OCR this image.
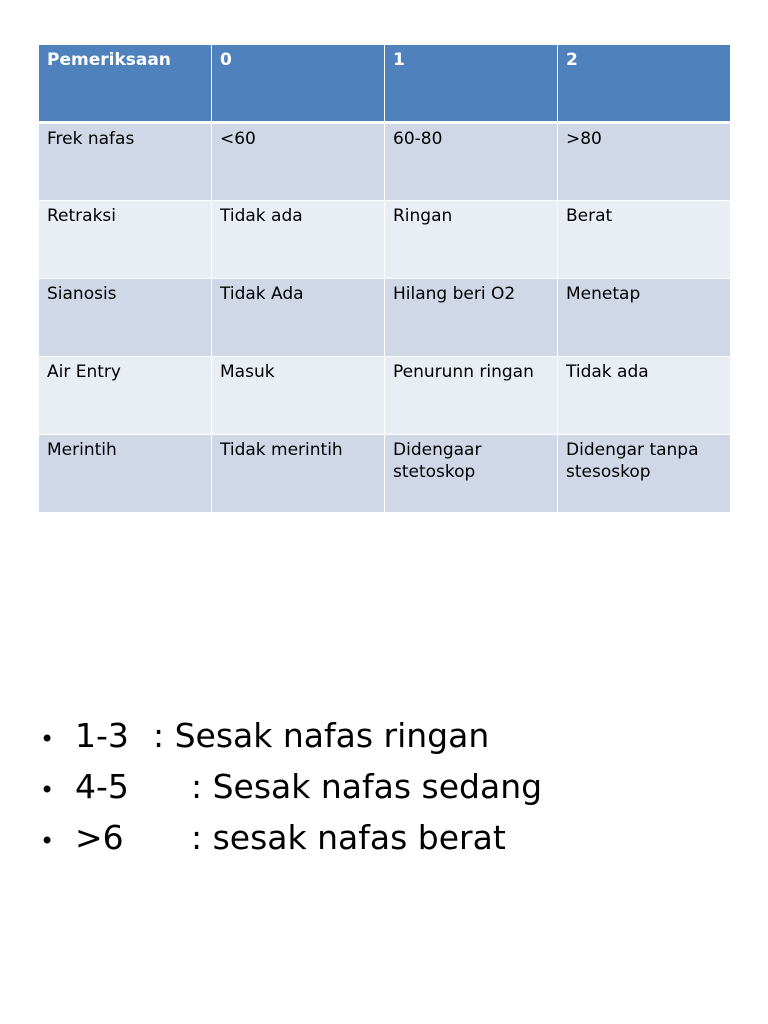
Pemeriksaan	0	1	2
Frek nafas	<60	60-80	>80
Retraksi	Tidak ada	Ringan	Berat
Sianosis	Tidak Ada	Hilang beri O2	Menetap
Air Entry	Masuk	Penurunn ringan	Tidak ada
Merintih	Tidak merintih	Didengaar stetoskop	Didengar tanpa stesoskop
• 1-3 : Sesak nafas ringan
• 4-5	: Sesak nafas sedang
• >6	: sesak nafas berat
